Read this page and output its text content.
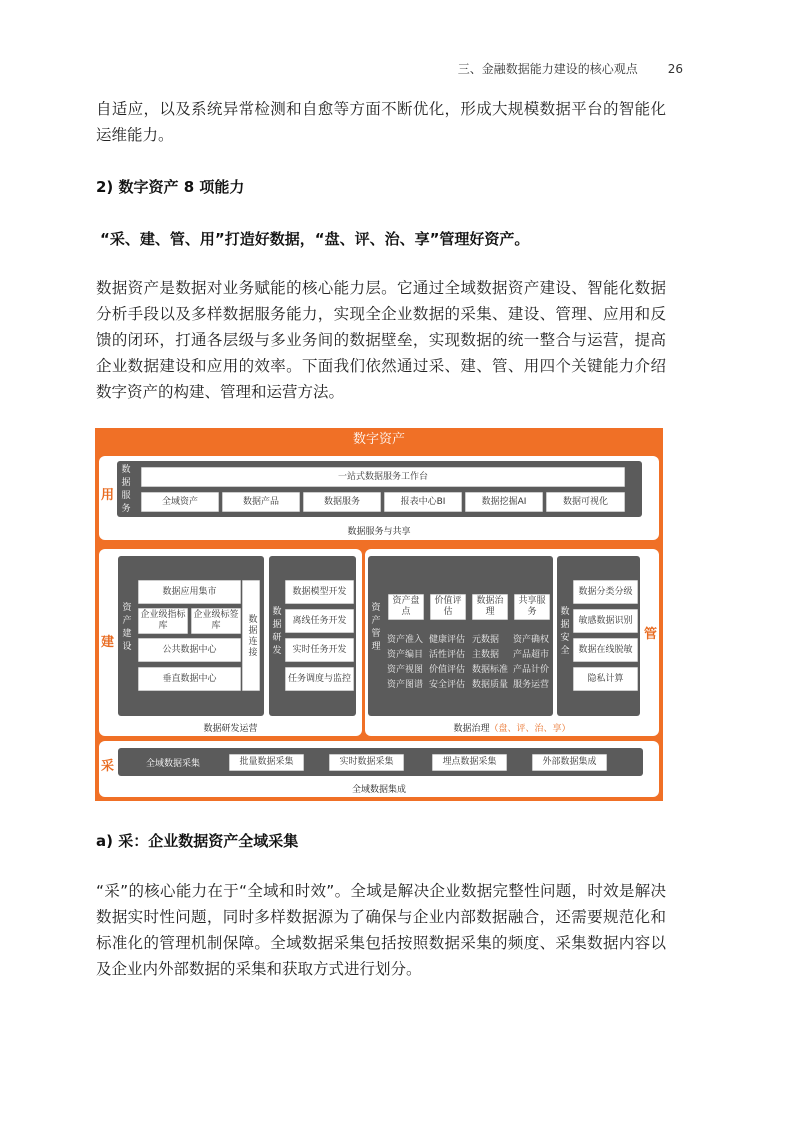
三、金融数据能力建设的核心观点	26
自适应，以及系统异常检测和自愈等方面不断优化，形成大规模数据平台的智能化运维能力。
2) 数字资产 8 项能力
“采、建、管、用”打造好数据，“盘、评、治、享”管理好资产。
数据资产是数据对业务赋能的核心能力层。它通过全域数据资产建设、智能化数据分析手段以及多样数据服务能力，实现全企业数据的采集、建设、管理、应用和反馈的闭环，打通各层级与多业务间的数据壁垒，实现数据的统一整合与运营，提高企业数据建设和应用的效率。下面我们依然通过采、建、管、用四个关键能力介绍数字资产的构建、管理和运营方法。
数字资产
用
数据服务
一站式数据服务工作台
全域资产	数据产品	数据服务	报表中心BI	数据挖掘AI	数据可视化
数据服务与共享
建
资产建设
数据应用集市
企业级指标库
企业级标签库
公共数据中心
垂直数据中心
数据连接
数据研发
数据模型开发
离线任务开发
实时任务开发
任务调度与监控
数据研发运营
资产管理
资产盘点
价值评估
数据治理
共享服务
资产准入 健康评估 元数据 资产确权
资产编目 活性评估 主数据 产品超市
资产视图 价值评估 数据标准 产品计价
资产图谱 安全评估 数据质量 服务运营
数据安全
数据分类分级
敏感数据识别
数据在线脱敏
隐私计算
管
数据治理（盘、评、治、享）
采	全域数据采集	批量数据采集	实时数据采集	埋点数据采集	外部数据集成
全域数据集成
a) 采：企业数据资产全域采集
“采”的核心能力在于“全域和时效”。全域是解决企业数据完整性问题，时效是解决数据实时性问题，同时多样数据源为了确保与企业内部数据融合，还需要规范化和标准化的管理机制保障。全域数据采集包括按照数据采集的频度、采集数据内容以及企业内外部数据的采集和获取方式进行划分。
